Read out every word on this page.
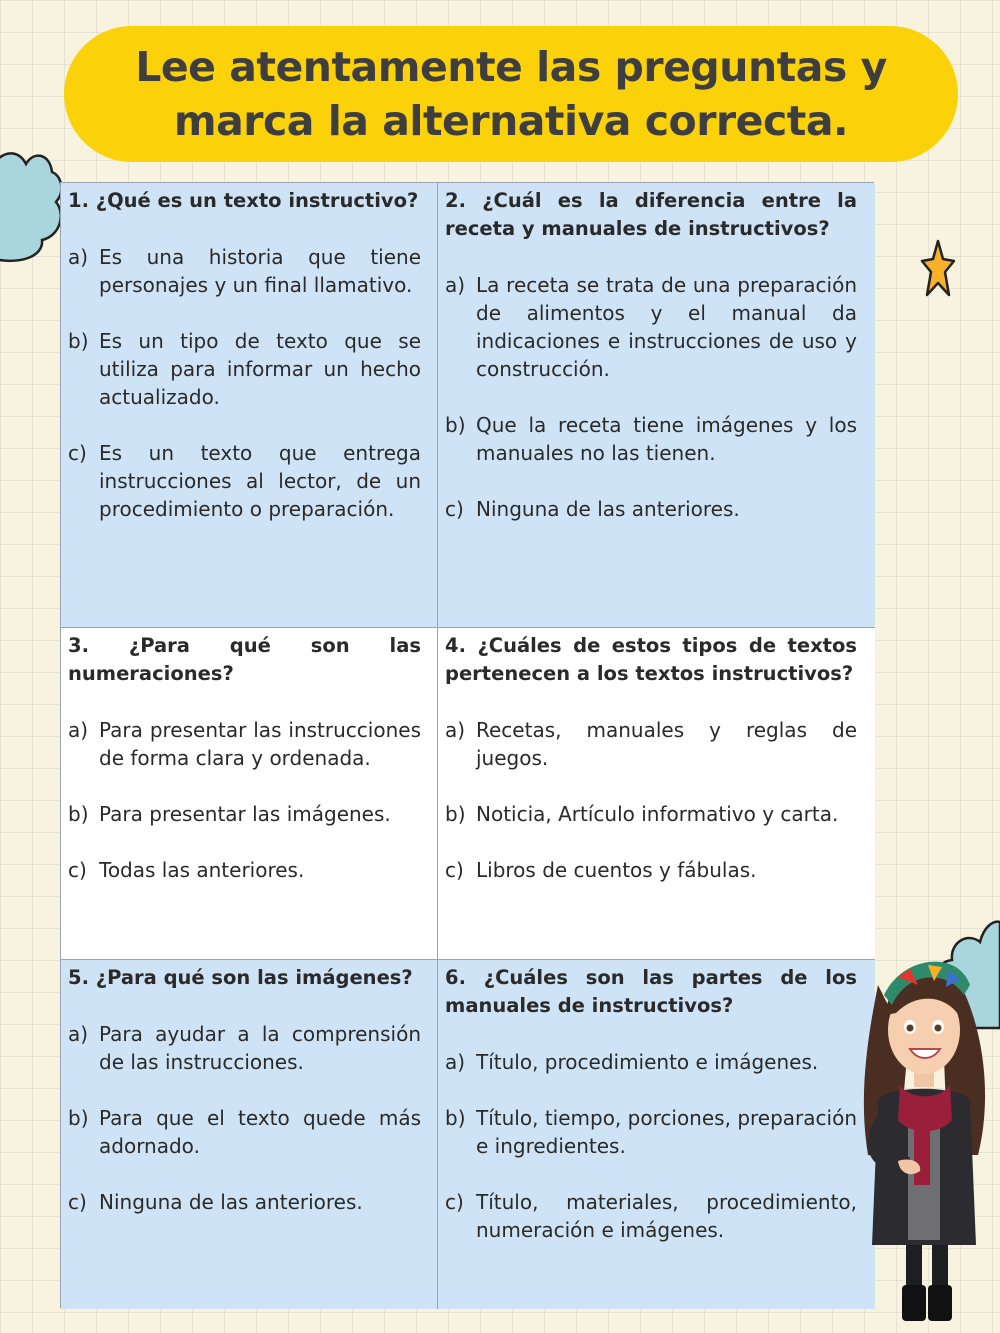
Lee atentamente las preguntas y
marca la alternativa correcta.

1. ¿Qué es un texto instructivo?

a) Es una historia que tiene personajes y un final llamativo.
b) Es un tipo de texto que se utiliza para informar un hecho actualizado.
c) Es un texto que entrega instrucciones al lector, de un procedimiento o preparación.

2. ¿Cuál es la diferencia entre la receta y manuales de instructivos?

a) La receta se trata de una preparación de alimentos y el manual da indicaciones e instrucciones de uso y construcción.
b) Que la receta tiene imágenes y los manuales no las tienen.
c) Ninguna de las anteriores.

3. ¿Para qué son las numeraciones?

a) Para presentar las instrucciones de forma clara y ordenada.
b) Para presentar las imágenes.
c) Todas las anteriores.

4. ¿Cuáles de estos tipos de textos pertenecen a los textos instructivos?

a) Recetas, manuales y reglas de juegos.
b) Noticia, Artículo informativo y carta.
c) Libros de cuentos y fábulas.

5. ¿Para qué son las imágenes?

a) Para ayudar a la comprensión de las instrucciones.
b) Para que el texto quede más adornado.
c) Ninguna de las anteriores.

6. ¿Cuáles son las partes de los manuales de instructivos?

a) Título, procedimiento e imágenes.
b) Título, tiempo, porciones, preparación e ingredientes.
c) Título, materiales, procedimiento, numeración e imágenes.
